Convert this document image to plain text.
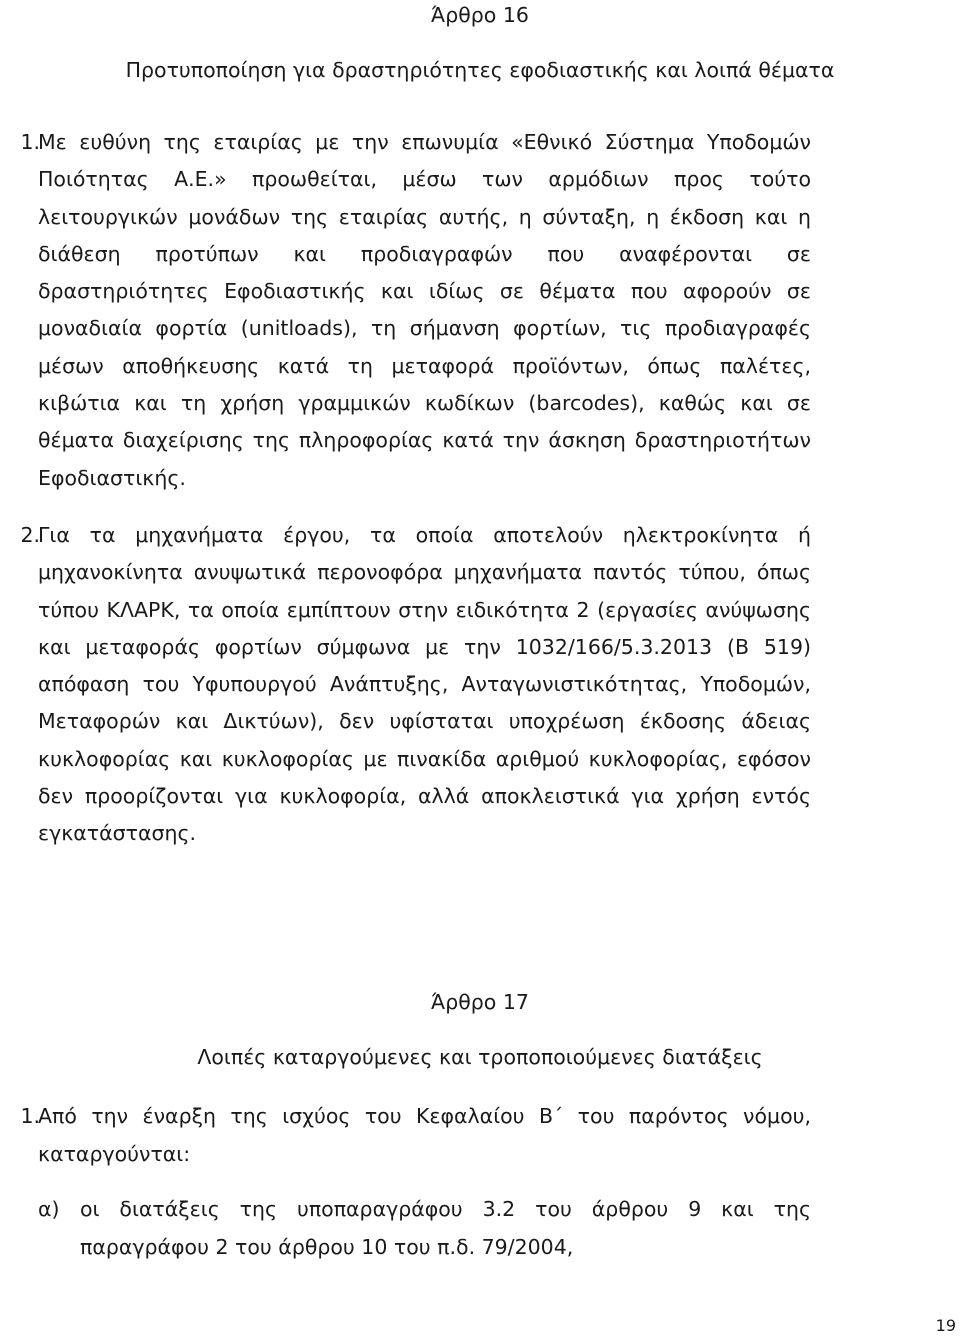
Άρθρο 16
Προτυποποίηση για δραστηριότητες εφοδιαστικής και λοιπά θέματα
1.

Με ευθύνη της εταιρίας με την επωνυμία «Εθνικό Σύστημα Υποδομών Ποιότητας Α.Ε.» προωθείται, μέσω των αρμόδιων προς τούτο λειτουργικών μονάδων της εταιρίας αυτής, η σύνταξη, η έκδοση και η διάθεση προτύπων και προδιαγραφών που αναφέρονται σε δραστηριότητες Εφοδιαστικής και ιδίως σε θέματα που αφορούν σε μοναδιαία φορτία (unitloads), τη σήμανση φορτίων, τις προδιαγραφές μέσων αποθήκευσης κατά τη μεταφορά προϊόντων, όπως παλέτες, κιβώτια και τη χρήση γραμμικών κωδίκων (barcodes), καθώς και σε θέματα διαχείρισης της πληροφορίας κατά την άσκηση δραστηριοτήτων Εφοδιαστικής.

2.

Για τα μηχανήματα έργου, τα οποία αποτελούν ηλεκτροκίνητα ή μηχανοκίνητα ανυψωτικά περονοφόρα μηχανήματα παντός τύπου, όπως τύπου ΚΛΑΡΚ, τα οποία εμπίπτουν στην ειδικότητα 2 (εργασίες ανύψωσης και μεταφοράς φορτίων σύμφωνα με την 1032/166/5.3.2013 (Β 519) απόφαση του Υφυπουργού Ανάπτυξης, Ανταγωνιστικότητας, Υποδομών, Μεταφορών και Δικτύων), δεν υφίσταται υποχρέωση έκδοσης άδειας κυκλοφορίας και κυκλοφορίας με πινακίδα αριθμού κυκλοφορίας, εφόσον δεν προορίζονται για κυκλοφορία, αλλά αποκλειστικά για χρήση εντός εγκατάστασης.

Άρθρο 17
Λοιπές καταργούμενες και τροποποιούμενες διατάξεις
1.

Από την έναρξη της ισχύος του Κεφαλαίου Β΄ του παρόντος νόμου, καταργούνται:

α) οι διατάξεις της υποπαραγράφου 3.2 του άρθρου 9 και της παραγράφου 2 του άρθρου 10 του π.δ. 79/2004,

19
